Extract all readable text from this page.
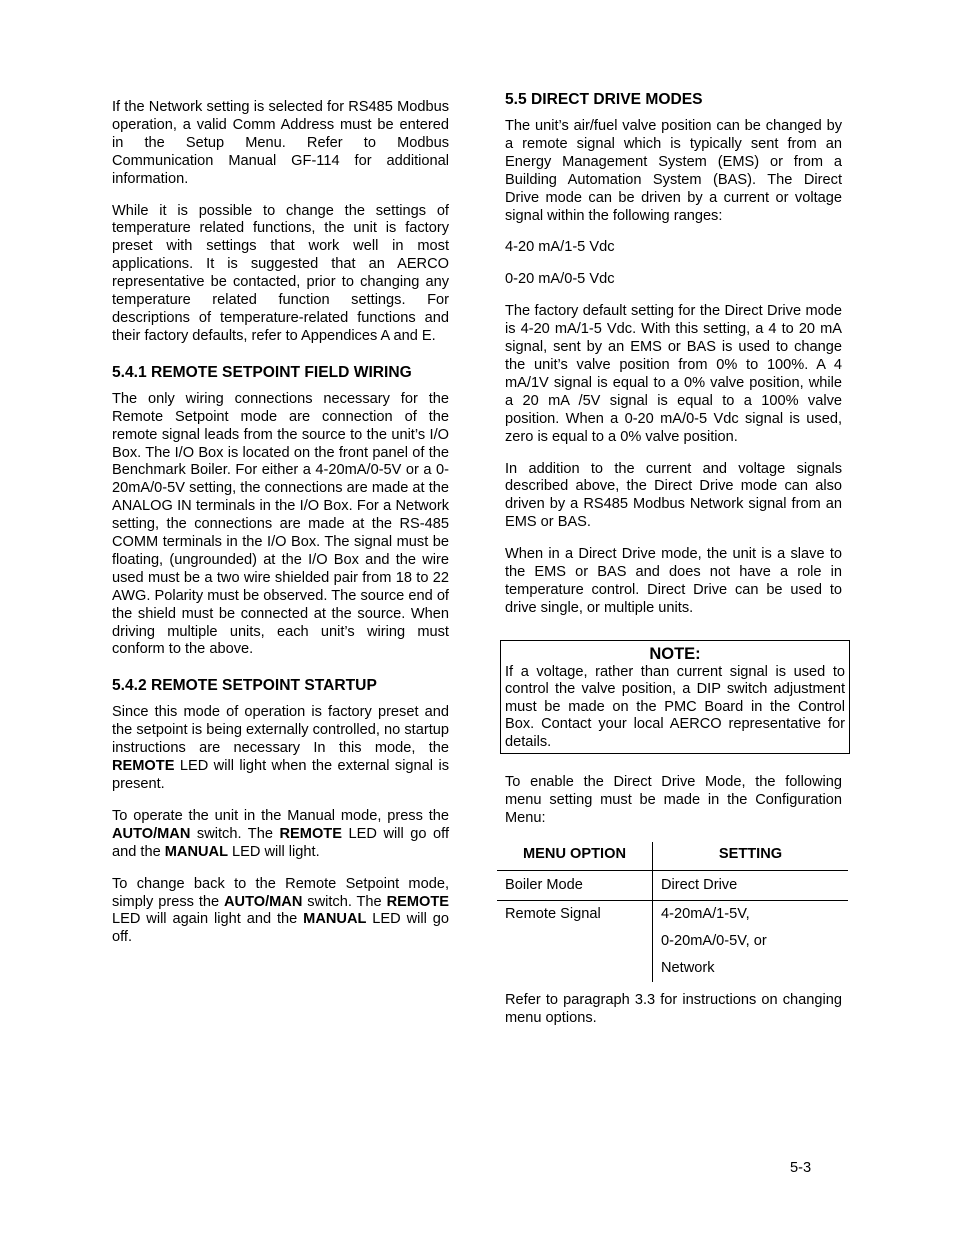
If the Network setting is selected for RS485 Modbus operation, a valid Comm Address must be entered in the Setup Menu. Refer to Modbus Communication Manual GF-114 for additional information.

While it is possible to change the settings of temperature related functions, the unit is factory preset with settings that work well in most applications. It is suggested that an AERCO representative be contacted, prior to changing any temperature related function settings. For descriptions of temperature-related functions and their factory defaults, refer to Appendices A and E.

5.4.1 REMOTE SETPOINT FIELD WIRING

The only wiring connections necessary for the Remote Setpoint mode are connection of the remote signal leads from the source to the unit’s I/O Box. The I/O Box is located on the front panel of the Benchmark Boiler. For either a 4-20mA/0-5V or a 0-20mA/0-5V setting, the connections are made at the ANALOG IN terminals in the I/O Box. For a Network setting, the connections are made at the RS-485 COMM terminals in the I/O Box. The signal must be floating, (ungrounded) at the I/O Box and the wire used must be a two wire shielded pair from 18 to 22 AWG. Polarity must be observed. The source end of the shield must be connected at the source. When driving multiple units, each unit’s wiring must conform to the above.

5.4.2 REMOTE SETPOINT STARTUP

Since this mode of operation is factory preset and the setpoint is being externally controlled, no startup instructions are necessary In this mode, the REMOTE LED will light when the external signal is present.

To operate the unit in the Manual mode, press the AUTO/MAN switch. The REMOTE LED will go off and the MANUAL LED will light.

To change back to the Remote Setpoint mode, simply press the AUTO/MAN switch. The REMOTE LED will again light and the MANUAL LED will go off.

5.5 DIRECT DRIVE MODES

The unit’s air/fuel valve position can be changed by a remote signal which is typically sent from an Energy Management System (EMS) or from a Building Automation System (BAS). The Direct Drive mode can be driven by a current or voltage signal within the following ranges:

4-20 mA/1-5 Vdc
0-20 mA/0-5 Vdc

The factory default setting for the Direct Drive mode is 4-20 mA/1-5 Vdc. With this setting, a 4 to 20 mA signal, sent by an EMS or BAS is used to change the unit’s valve position from 0% to 100%. A 4 mA/1V signal is equal to a 0% valve position, while a 20 mA /5V signal is equal to a 100% valve position. When a 0-20 mA/0-5 Vdc signal is used, zero is equal to a 0% valve position.

In addition to the current and voltage signals described above, the Direct Drive mode can also driven by a RS485 Modbus Network signal from an EMS or BAS.

When in a Direct Drive mode, the unit is a slave to the EMS or BAS and does not have a role in temperature control. Direct Drive can be used to drive single, or multiple units.

NOTE:
If a voltage, rather than current signal is used to control the valve position, a DIP switch adjustment must be made on the PMC Board in the Control Box. Contact your local AERCO representative for details.

To enable the Direct Drive Mode, the following menu setting must be made in the Configuration Menu:

MENU OPTION	SETTING
Boiler Mode	Direct Drive
Remote Signal	4-20mA/1-5V,
0-20mA/0-5V, or
Network

Refer to paragraph 3.3 for instructions on changing menu options.

5-3
